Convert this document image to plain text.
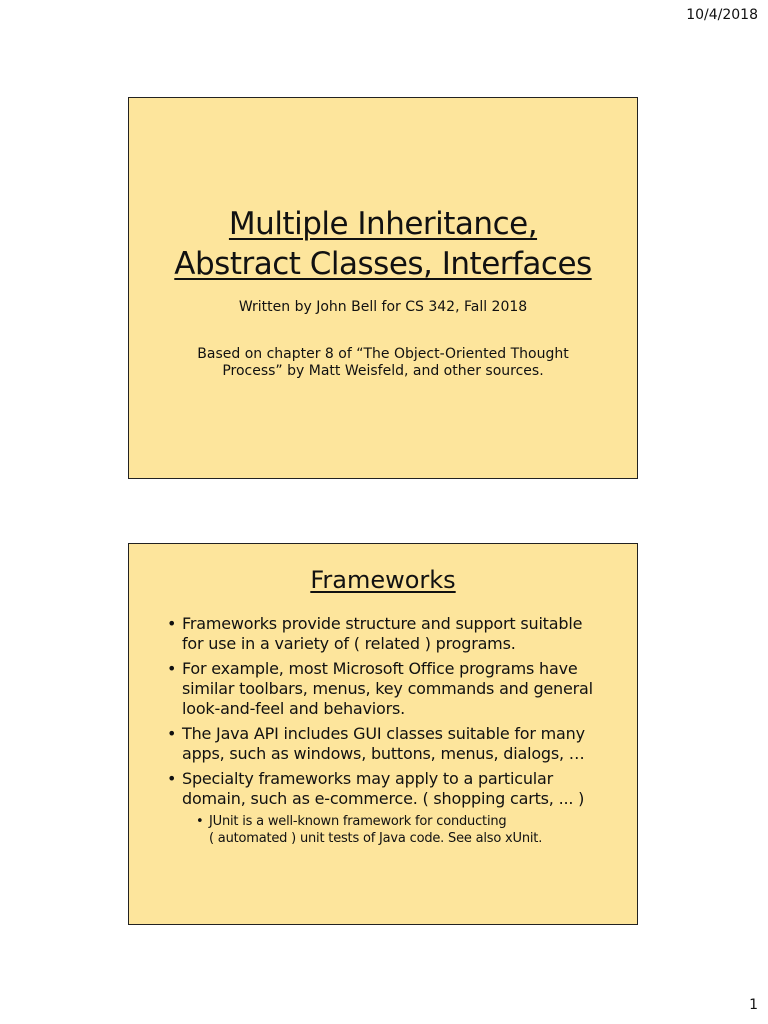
10/4/2018
Multiple Inheritance,
Abstract Classes, Interfaces
Written by John Bell for CS 342, Fall 2018
Based on chapter 8 of “The Object-Oriented Thought
Process” by Matt Weisfeld, and other sources.
Frameworks
• Frameworks provide structure and support suitable
for use in a variety of ( related ) programs.
• For example, most Microsoft Office programs have
similar toolbars, menus, key commands and general
look-and-feel and behaviors.
• The Java API includes GUI classes suitable for many
apps, such as windows, buttons, menus, dialogs, …
• Specialty frameworks may apply to a particular
domain, such as e-commerce. ( shopping carts, ... )
• JUnit is a well-known framework for conducting
( automated ) unit tests of Java code. See also xUnit.
1
